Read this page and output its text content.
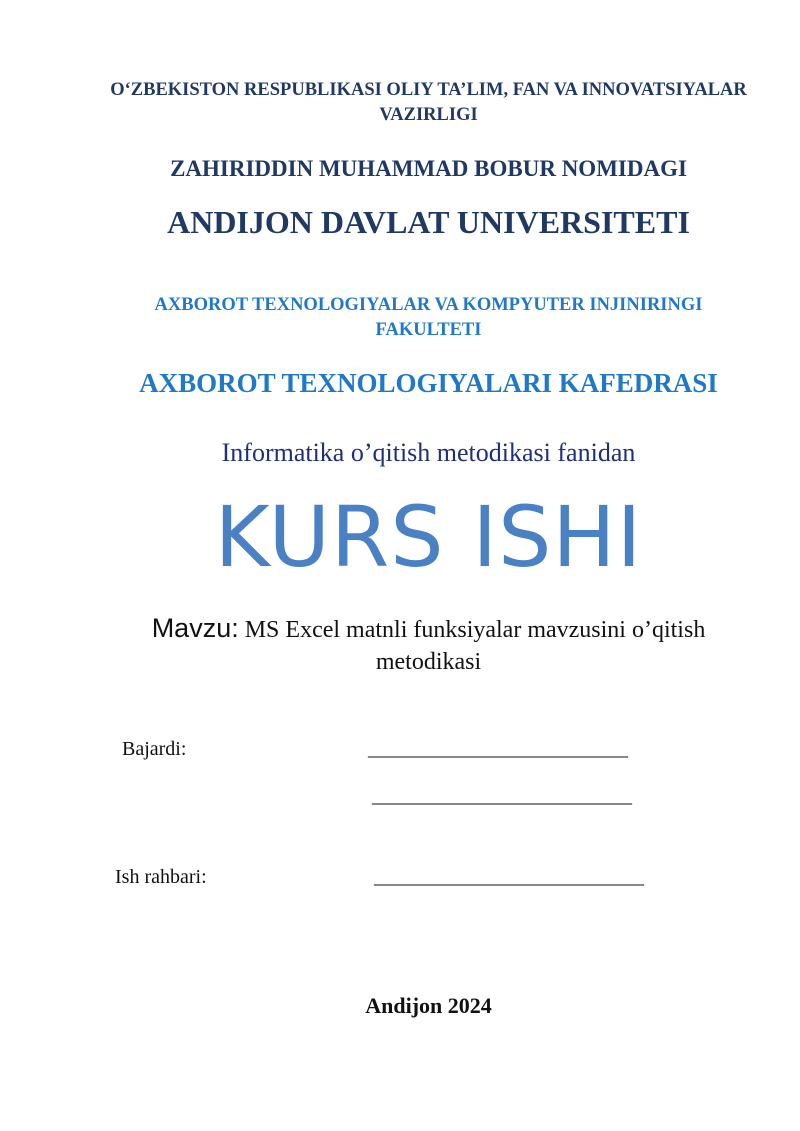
O‘ZBEKISTON RESPUBLIKASI OLIY TA’LIM, FAN VA INNOVATSIYALAR VAZIRLIGI
ZAHIRIDDIN MUHAMMAD BOBUR NOMIDAGI
ANDIJON DAVLAT UNIVERSITETI
AXBOROT TEXNOLOGIYALAR VA KOMPYUTER INJINIRINGI FAKULTETI
AXBOROT TEXNOLOGIYALARI KAFEDRASI
Informatika o’qitish metodikasi fanidan
KURS ISHI
Mavzu: MS Excel matnli funksiyalar mavzusini o’qitish metodikasi
Bajardi:	__________________________
__________________________
Ish rahbari:	___________________________
Andijon 2024
